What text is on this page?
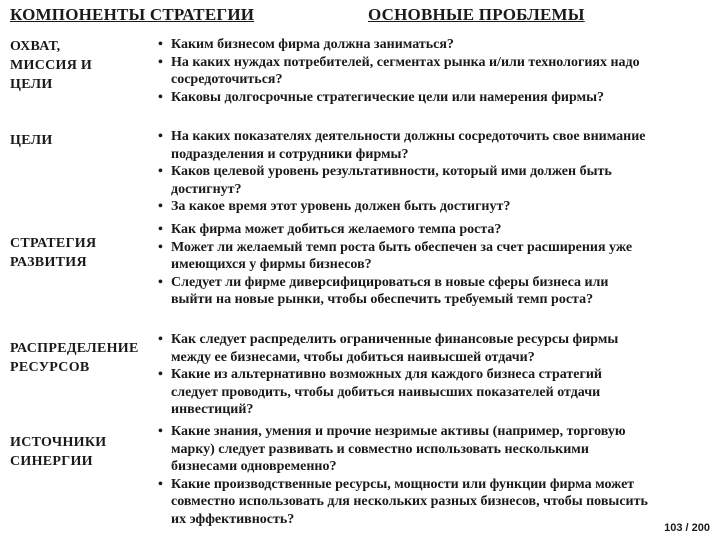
КОМПОНЕНТЫ СТРАТЕГИИ	ОСНОВНЫЕ ПРОБЛЕМЫ
ОХВАТ,
МИССИЯ И
ЦЕЛИ
• Каким бизнесом фирма должна заниматься?
• На каких нуждах потребителей, сегментах рынка и/или технологиях надо сосредоточиться?
• Каковы долгосрочные стратегические цели или намерения фирмы?
ЦЕЛИ
•	На каких показателях деятельности должны сосредоточить свое внимание подразделения и сотрудники фирмы?
• Каков целевой уровень результативности, который ими должен быть достигнут?
• За какое время этот уровень должен быть достигнут?
СТРАТЕГИЯ
РАЗВИТИЯ
• Как фирма может добиться желаемого темпа роста?
• Может ли желаемый темп роста быть обеспечен за счет расширения уже имеющихся у фирмы бизнесов?
• Следует ли фирме диверсифицироваться в новые сферы бизнеса или выйти на новые рынки, чтобы обеспечить требуемый темп роста?
РАСПРЕДЕЛЕНИЕ
РЕСУРСОВ
• Как следует распределить ограниченные финансовые ресурсы фирмы между ее бизнесами, чтобы добиться наивысшей отдачи?
• Какие из альтернативно возможных для каждого бизнеса стратегий следует проводить, чтобы добиться наивысших показателей отдачи инвестиций?
ИСТОЧНИКИ
СИНЕРГИИ
• Какие знания, умения и прочие незримые активы (например, торговую марку) следует развивать и совместно использовать несколькими бизнесами одновременно?
• Какие производственные ресурсы, мощности или функции фирма может совместно использовать для нескольких разных бизнесов, чтобы повысить их эффективность?
103 / 200
